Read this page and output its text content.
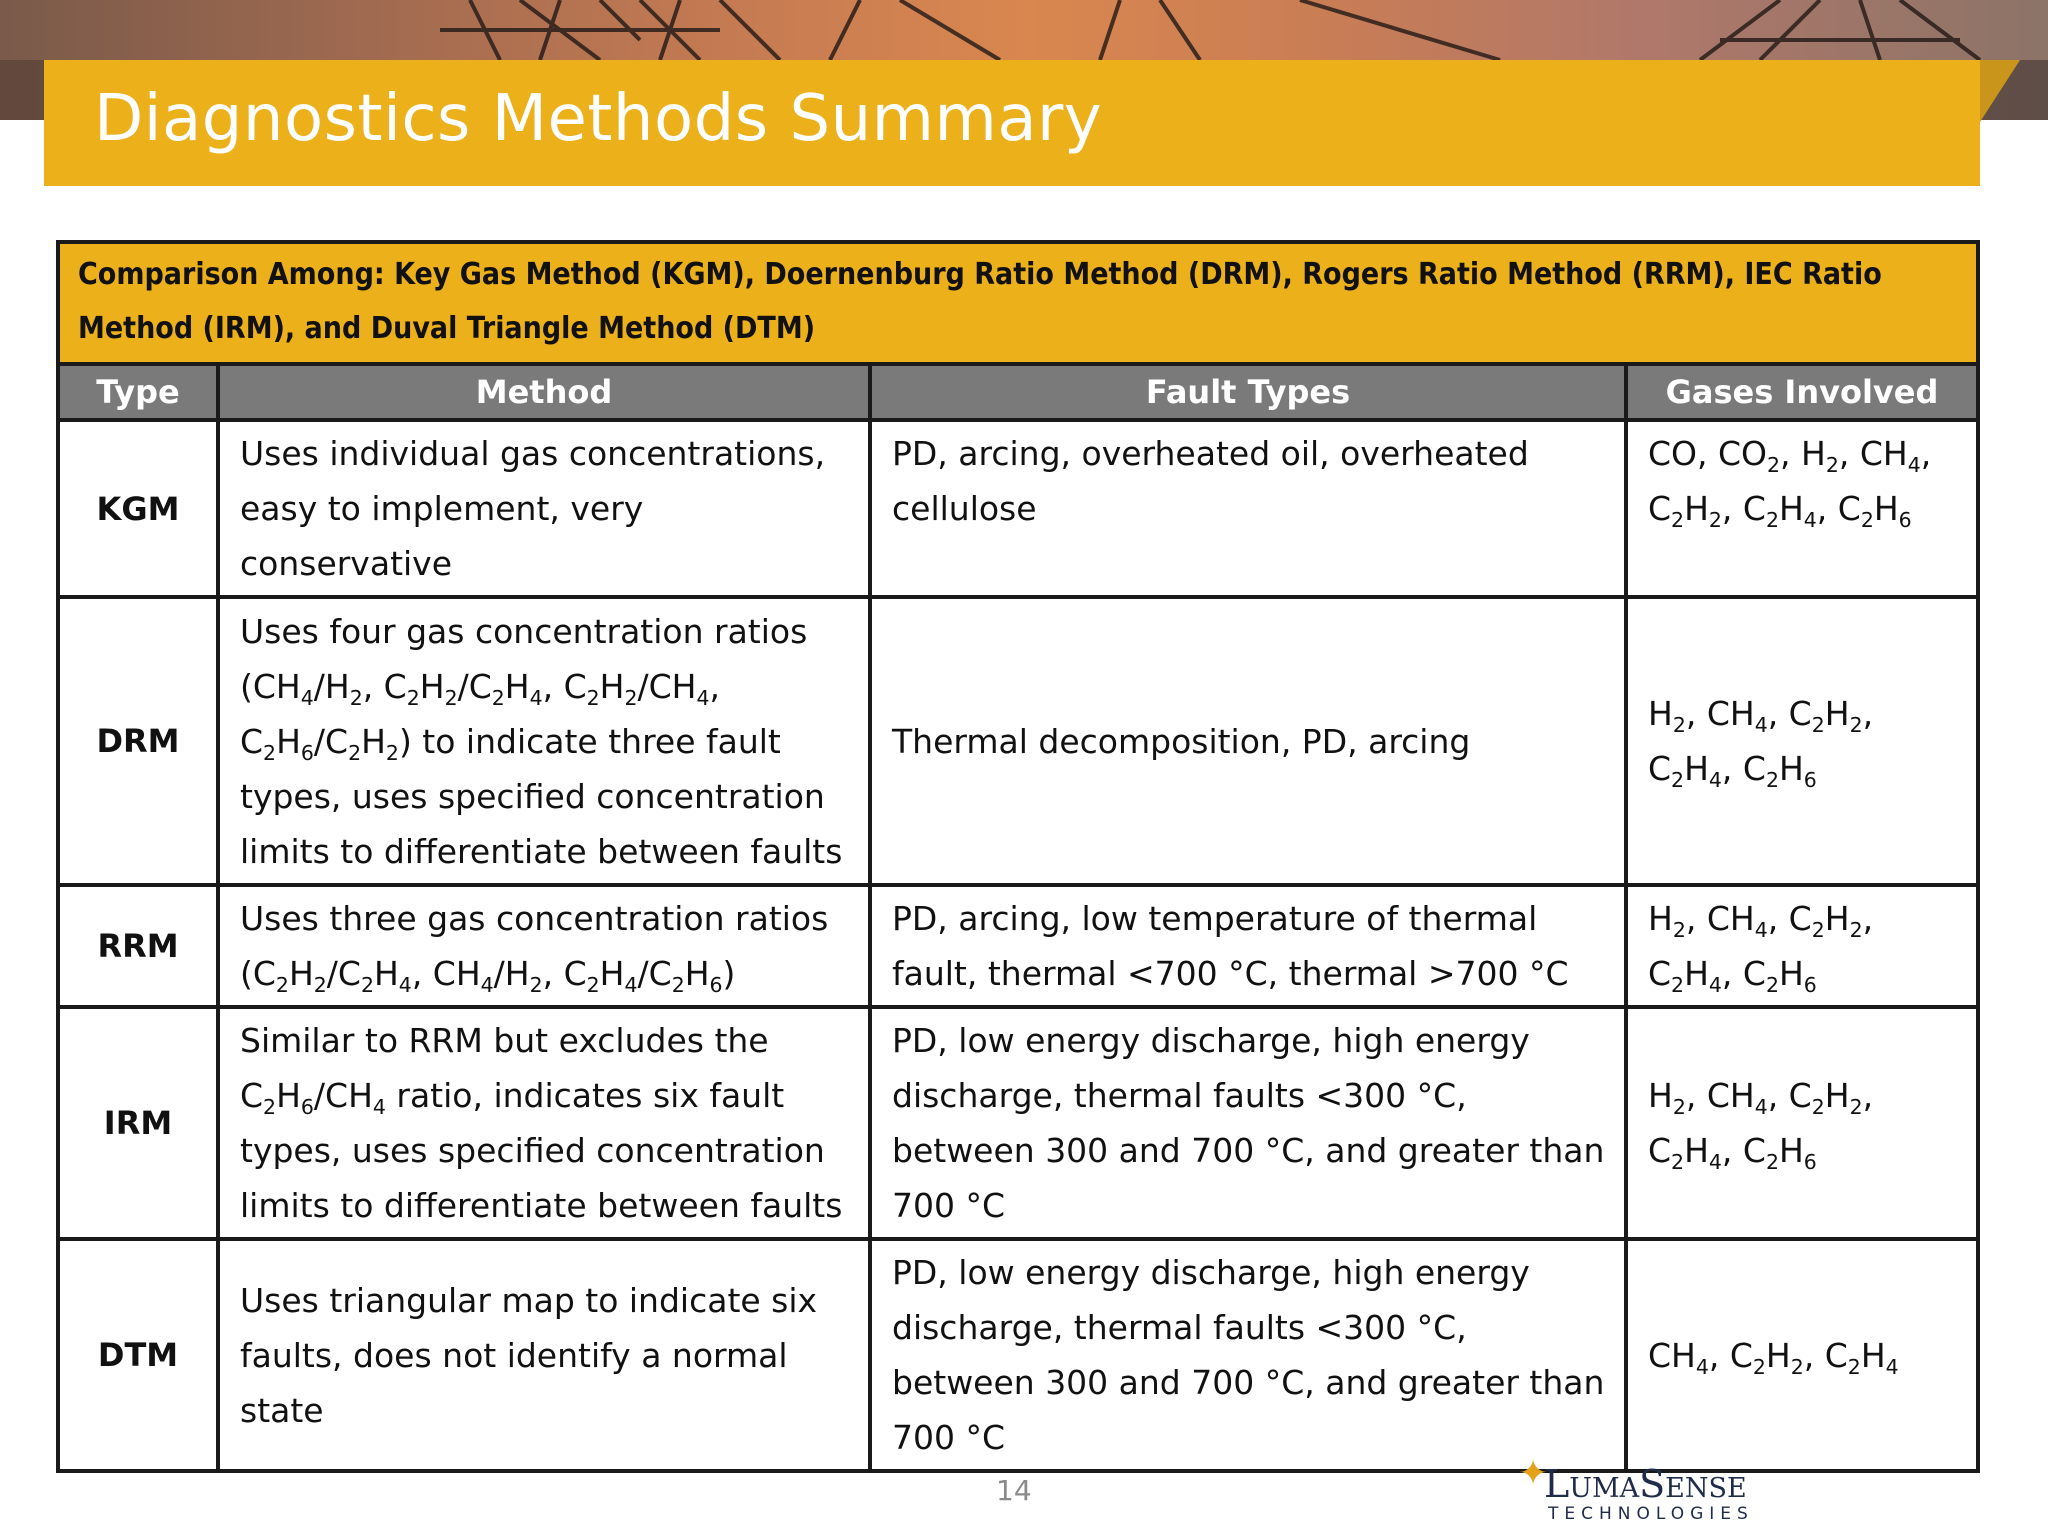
Diagnostics Methods Summary
Comparison Among: Key Gas Method (KGM), Doernenburg Ratio Method (DRM), Rogers Ratio Method (RRM), IEC Ratio Method (IRM), and Duval Triangle Method (DTM)			
Type	Method	Fault Types	Gases Involved
KGM	Uses individual gas concentrations, easy to implement, very conservative	PD, arcing, overheated oil, overheated cellulose	CO, $CO_2$, $H_2$, $CH_4$, $C_2H_2$, $C_2H_4$, $C_2H_6$
DRM	Uses four gas concentration ratios ($CH_4/H_2$, $C_2H_2/C_2H_4$, $C_2H_2/CH_4$, $C_2H_6/C_2H_2$) to indicate three fault types, uses specified concentration limits to differentiate between faults	Thermal decomposition, PD, arcing	$H_2$, $CH_4$, $C_2H_2$, $C_2H_4$, $C_2H_6$
RRM	Uses three gas concentration ratios ($C_2H_2/C_2H_4$, $CH_4/H_2$, $C_2H_4/C_2H_6$)	PD, arcing, low temperature of thermal fault, thermal <700 °C, thermal >700 °C	$H_2$, $CH_4$, $C_2H_2$, $C_2H_4$, $C_2H_6$
IRM	Similar to RRM but excludes the $C_2H_6/CH_4$ ratio, indicates six fault types, uses specified concentration limits to differentiate between faults	PD, low energy discharge, high energy discharge, thermal faults <300 °C, between 300 and 700 °C, and greater than 700 °C	$H_2$, $CH_4$, $C_2H_2$, $C_2H_4$, $C_2H_6$
DTM	Uses triangular map to indicate six faults, does not identify a normal state	PD, low energy discharge, high energy discharge, thermal faults <300 °C, between 300 and 700 °C, and greater than 700 °C	$CH_4$, $C_2H_2$, $C_2H_4$
14	✦
LumaSense
TECHNOLOGIES
